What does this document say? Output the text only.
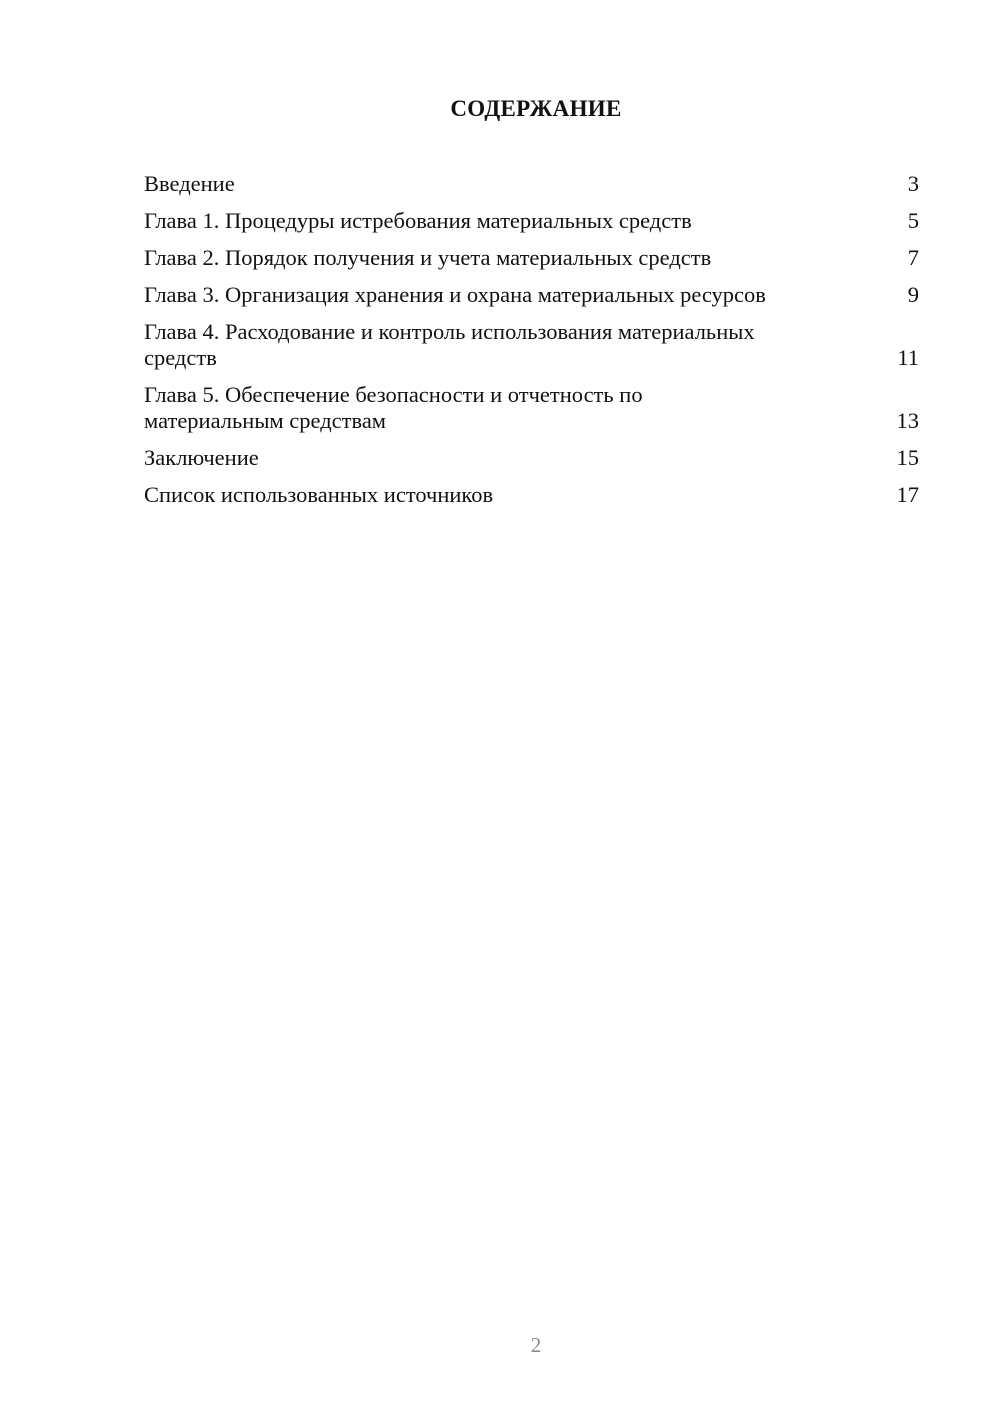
СОДЕРЖАНИЕ
Введение	3
Глава 1. Процедуры истребования материальных средств	5
Глава 2. Порядок получения и учета материальных средств	7
Глава 3. Организация хранения и охрана материальных ресурсов	9
Глава 4. Расходование и контроль использования материальных средств	11
Глава 5. Обеспечение безопасности и отчетность по материальным средствам	13
Заключение	15
Список использованных источников	17
2
